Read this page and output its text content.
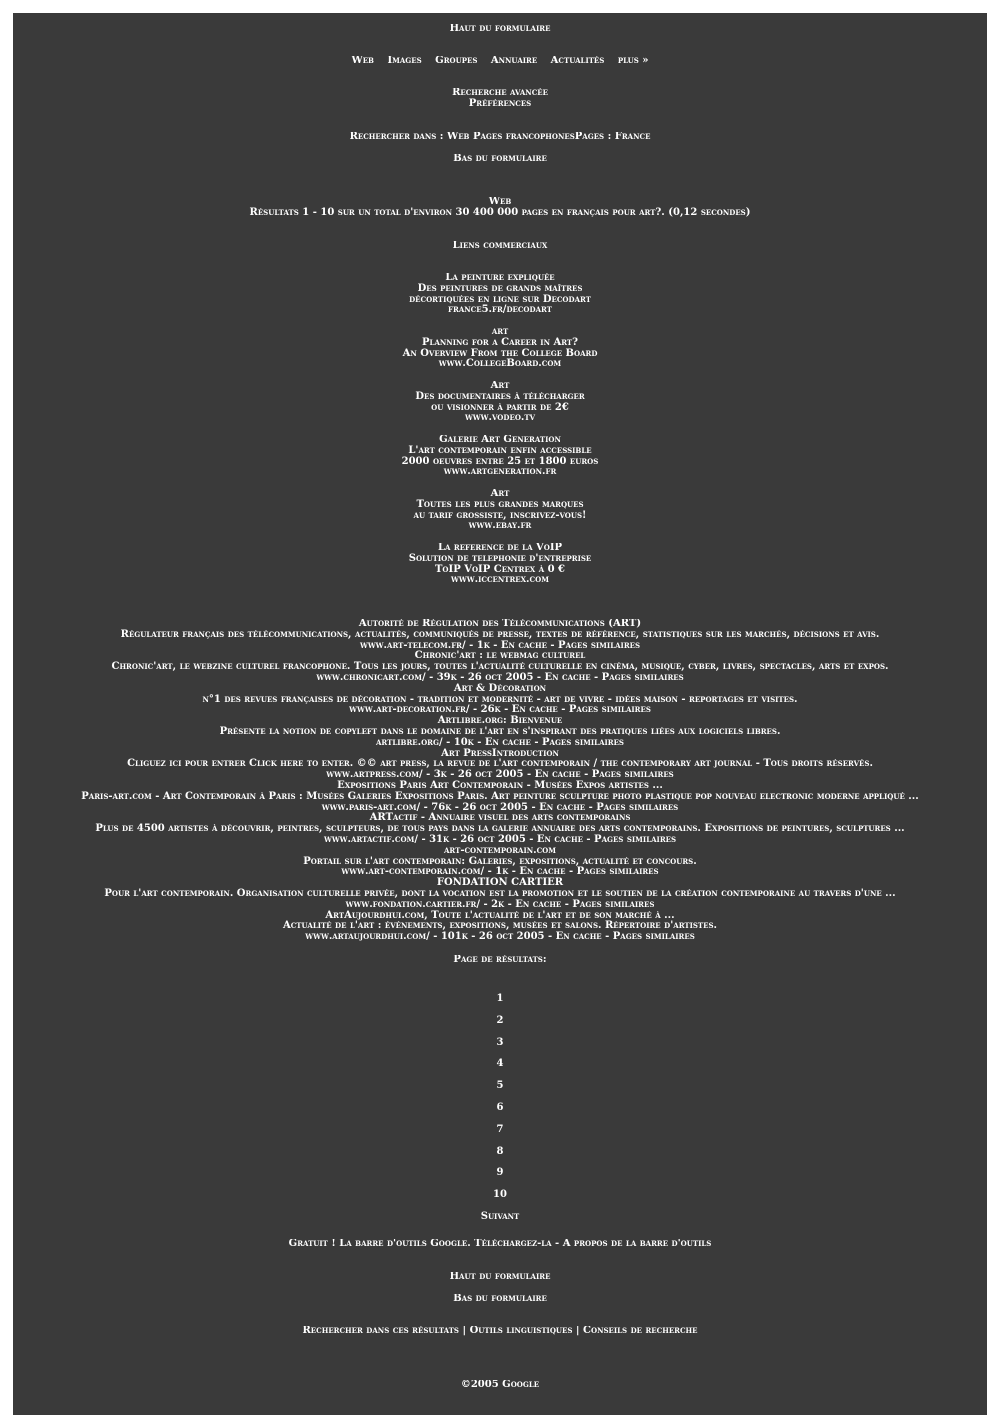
Haut du formulaire
Web Images Groupes Annuaire Actualités plus »
Recherche avancée
Préférences
Rechercher dans : Web Pages francophonesPages : France
Bas du formulaire
Web
Résultats 1 - 10 sur un total d'environ 30 400 000 pages en français pour art?. (0,12 secondes)
Liens commerciaux
La peinture expliquée
Des peintures de grands maîtres
décortiquées en ligne sur Decodart
france5.fr/decodart
art
Planning for a Career in Art?
An Overview From the College Board
www.CollegeBoard.com
Art
Des documentaires à télécharger
ou visionner à partir de 2€
www.vodeo.tv
Galerie Art Generation
L'art contemporain enfin accessible
2000 oeuvres entre 25 et 1800 euros
www.artgeneration.fr
Art
Toutes les plus grandes marques
au tarif grossiste, inscrivez-vous!
www.ebay.fr
La reference de la VoIP
Solution de telephonie d'entreprise
ToIP VoIP Centrex à 0 €
www.iccentrex.com
Autorité de Régulation des Télécommunications (ART)
Régulateur français des télécommunications, actualités, communiqués de presse, textes de référence, statistiques sur les marchés, décisions et avis.
www.art-telecom.fr/ - 1k - En cache - Pages similaires
Chronic'art : le webmag culturel
Chronic'art, le webzine culturel francophone. Tous les jours, toutes l'actualité culturelle en cinéma, musique, cyber, livres, spectacles, arts et expos.
www.chronicart.com/ - 39k - 26 oct 2005 - En cache - Pages similaires
Art & Décoration
n°1 des revues françaises de décoration - tradition et modernité - art de vivre - idées maison - reportages et visites.
www.art-decoration.fr/ - 26k - En cache - Pages similaires
Artlibre.org: Bienvenue
Présente la notion de copyleft dans le domaine de l'art en s'inspirant des pratiques liées aux logiciels libres.
artlibre.org/ - 10k - En cache - Pages similaires
Art PressIntroduction
Cliguez ici pour entrer Click here to enter. ©© art press, la revue de l'art contemporain / the contemporary art journal - Tous droits réservés.
www.artpress.com/ - 3k - 26 oct 2005 - En cache - Pages similaires
Expositions Paris Art Contemporain - Musées Expos artistes ...
Paris-art.com - Art Contemporain à Paris : Musées Galeries Expositions Paris. Art peinture sculpture photo plastique pop nouveau electronic moderne appliqué ...
www.paris-art.com/ - 76k - 26 oct 2005 - En cache - Pages similaires
ARTactif - Annuaire visuel des arts contemporains
Plus de 4500 artistes à découvrir, peintres, sculpteurs, de tous pays dans la galerie annuaire des arts contemporains. Expositions de peintures, sculptures ...
www.artactif.com/ - 31k - 26 oct 2005 - En cache - Pages similaires
art-contemporain.com
Portail sur l'art contemporain: Galeries, expositions, actualité et concours.
www.art-contemporain.com/ - 1k - En cache - Pages similaires
FONDATION CARTIER
Pour l'art contemporain. Organisation culturelle privée, dont la vocation est la promotion et le soutien de la création contemporaine au travers d'une ...
www.fondation.cartier.fr/ - 2k - En cache - Pages similaires
ArtAujourdhui.com, Toute l'actualité de l'art et de son marché à ...
Actualité de l'art : événements, expositions, musées et salons. Répertoire d'artistes.
www.artaujourdhui.com/ - 101k - 26 oct 2005 - En cache - Pages similaires
Page de résultats:
1
2
3
4
5
6
7
8
9
10
Suivant
Gratuit ! La barre d'outils Google. Téléchargez-la - À propos de la barre d'outils
Haut du formulaire
Bas du formulaire
Rechercher dans ces résultats | Outils linguistiques | Conseils de recherche
©2005 Google
